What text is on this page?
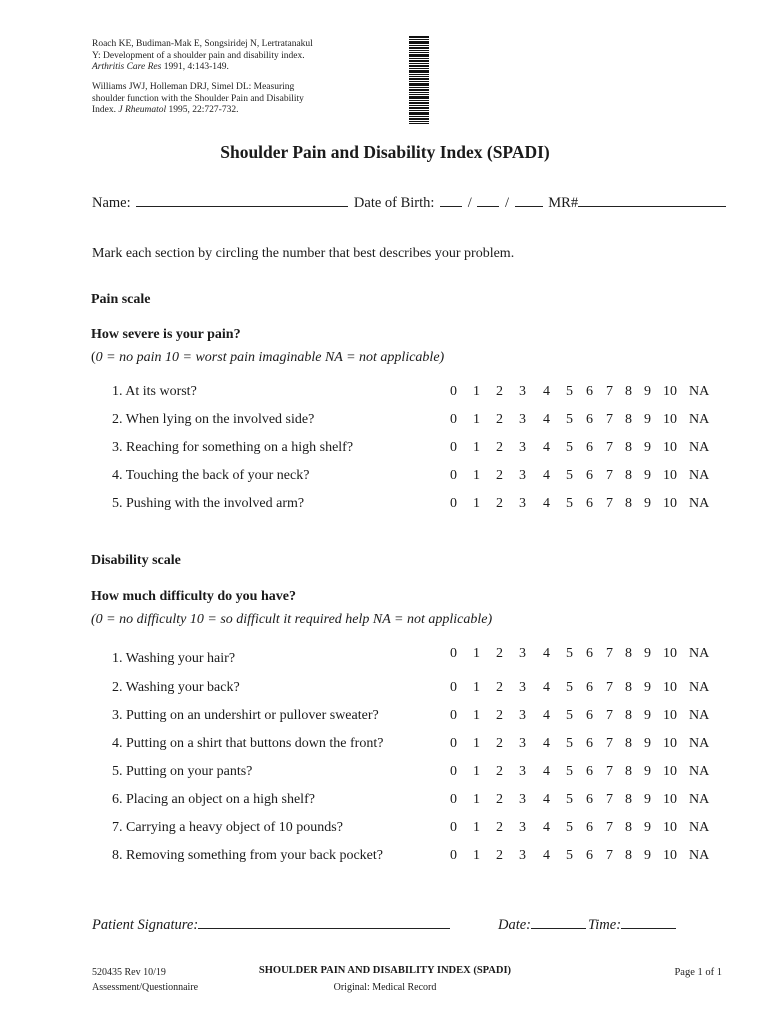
Roach KE, Budiman-Mak E, Songsiridej N, Lertratanakul
Y: Development of a shoulder pain and disability index.
Arthritis Care Res 1991, 4:143-149.
Williams JWJ, Holleman DRJ, Simel DL: Measuring
shoulder function with the Shoulder Pain and Disability
Index. J Rheumatol 1995, 22:727-732.
Shoulder Pain and Disability Index (SPADI)
Name:	Date of Birth: / /	MR#
Mark each section by circling the number that best describes your problem.
Pain scale
How severe is your pain?
(0 = no pain 10 = worst pain imaginable NA = not applicable)
1. At its worst?	0	1	2	3	4	5 6 7 8 9 10 NA
2. When lying on the involved side?	0	1	2	3	4	5 6 7 8 9 10 NA
3. Reaching for something on a high shelf?	0	1	2	3	4	5 6 7 8 9 10 NA
4. Touching the back of your neck?	0	1	2	3	4	5 6 7 8 9 10 NA
5. Pushing with the involved arm?	0	1	2	3	4	5 6 7 8 9 10 NA
Disability scale
How much difficulty do you have?
(0 = no difficulty 10 = so difficult it required help NA = not applicable)
1. Washing your hair?	0	1	2	3	4	5 6 7 8 9 10 NA
2. Washing your back?	0	1	2	3	4	5 6 7 8 9 10 NA
3. Putting on an undershirt or pullover sweater?	0	1	2	3	4	5 6 7 8 9 10 NA
4. Putting on a shirt that buttons down the front?	0	1	2	3	4	5 6 7 8 9 10 NA
5. Putting on your pants?	0	1	2	3	4	5 6 7 8 9 10 NA
6. Placing an object on a high shelf?	0	1	2	3	4	5 6 7 8 9 10 NA
7. Carrying a heavy object of 10 pounds?	0	1	2	3	4	5 6 7 8 9 10 NA
8. Removing something from your back pocket?	0	1	2	3	4	5 6 7 8 9 10 NA
Patient Signature:	Date:	Time:
520435 Rev 10/19
Assessment/Questionnaire
SHOULDER PAIN AND DISABILITY INDEX (SPADI)
Original: Medical Record
Page 1 of 1
